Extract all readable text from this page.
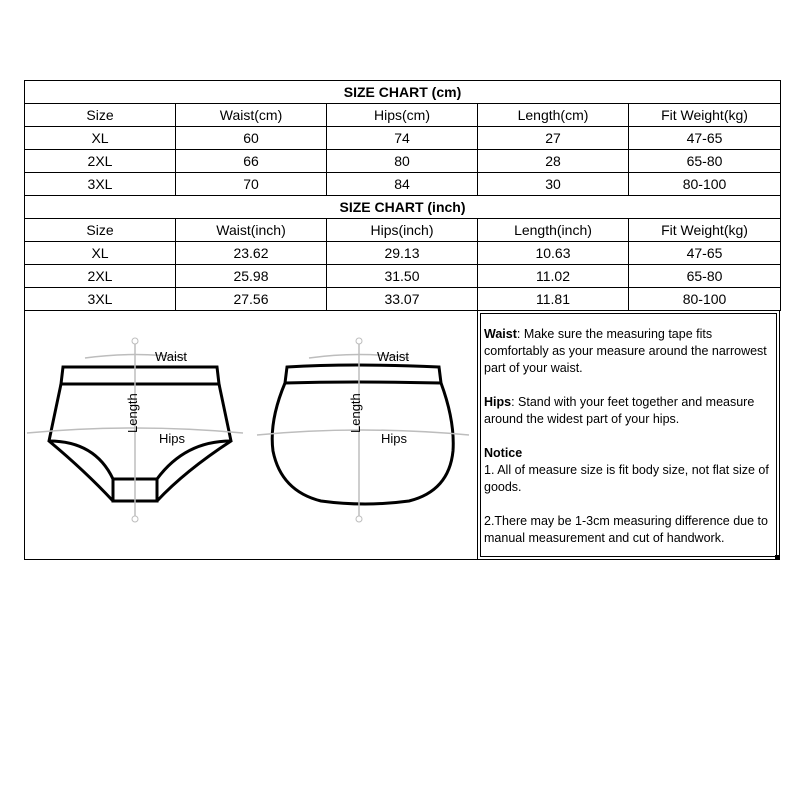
SIZE CHART (cm)				
Size	Waist(cm)	Hips(cm)	Length(cm)	Fit Weight(kg)
XL	60	74	27	47-65
2XL	66	80	28	65-80
3XL	70	84	30	80-100
SIZE CHART (inch)				
Size	Waist(inch)	Hips(inch)	Length(inch)	Fit Weight(kg)
XL	23.62	29.13	10.63	47-65
2XL	25.98	31.50	11.02	65-80
3XL	27.56	33.07	11.81	80-100
Waist
Hips
Length
Waist
Hips
Length

Waist: Make sure the measuring tape fits comfortably as your measure around the narrowest part of your waist.

Hips: Stand with your feet together and measure around the widest part of your hips.

Notice

1. All of measure size is fit body size, not flat size of goods.

2.There may be 1-3cm measuring difference due to manual measurement and cut of handwork.
